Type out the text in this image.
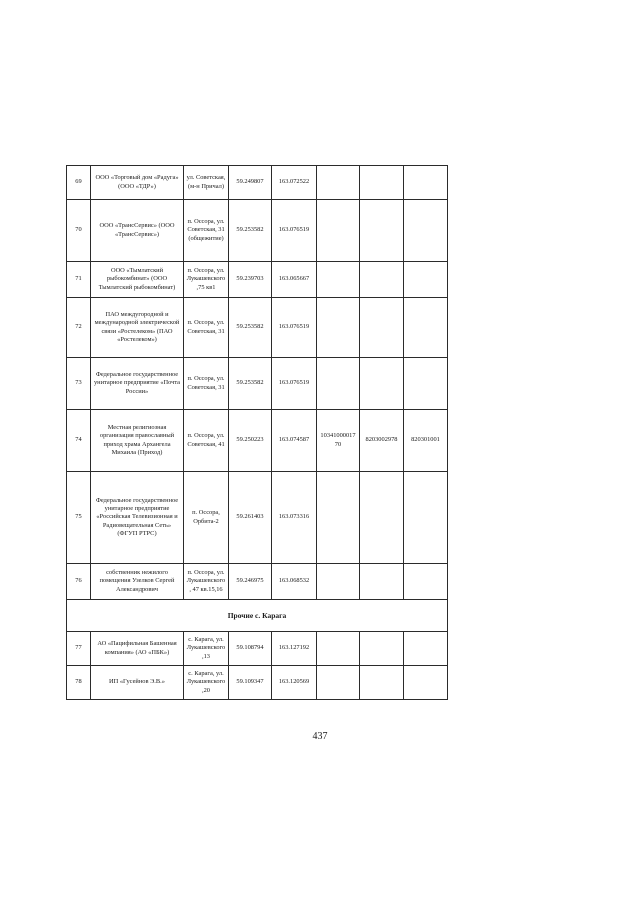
69	ООО «Торговый дом «Радуга» (ООО «ТДР»)	ул. Советская, (м-н Причал)	59.249807	163.072522			
70	ООО «ТрансСервис» (ООО «ТрансСервис»)	п. Оссора, ул. Советская, 31 (общежитие)	59.253582	163.076519			
71	ООО «Тымлатский рыбокомбинат» (ООО Тымлатский рыбокомбинат)	п. Оссора, ул. Лукашевского,75 кв1	59.239703	163.065667			
72	ПАО междугородной и международной электрической связи «Ростелеком» (ПАО «Ростелеком»)	п. Оссора, ул. Советская, 31	59.253582	163.076519			
73	Федеральное государственное унитарное предприятие «Почта России»	п. Оссора, ул. Советская, 31	59.253582	163.076519			
74	Местная религиозная организация православный приход храма Архангела Михаила (Приход)	п. Оссора, ул. Советская, 41	59.250223	163.074587	1034100001770	8203002978	820301001
75	Федеральное государственное унитарное предприятие «Российская Телевизионная и Радиовещательная Сеть» (ФГУП РТРС)	п. Оссора, Орбита-2	59.261403	163.073316			
76	собственник нежилого помещения Узелков Сергей Александрович	п. Оссора, ул. Лукашевского, 47 кв.15,16	59.246975	163.068532			
Прочие с. Карага							
77	АО «Пацифильная Башенная компания» (АО «ПБК»)	с. Карага, ул. Лукашевского,13	59.108794	163.127192			
78	ИП «Гусейнов Э.В.»	с. Карага, ул. Лукашевского,20	59.109347	163.120569			
437
